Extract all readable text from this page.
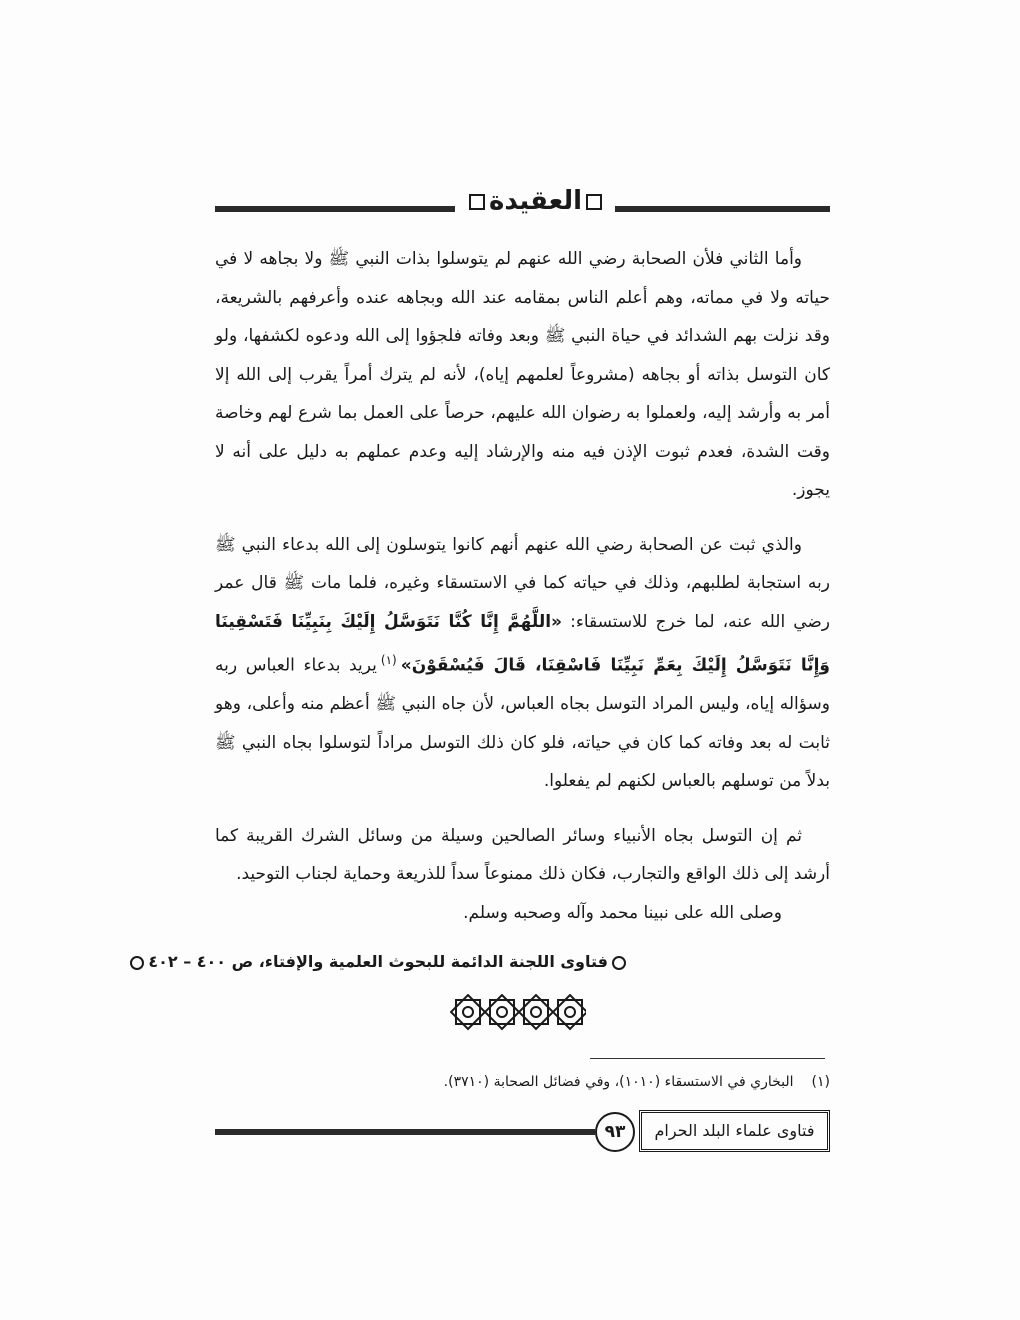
العقيدة

وأما الثاني فلأن الصحابة رضي الله عنهم لم يتوسلوا بذات النبي ﷺ ولا بجاهه لا في حياته ولا في مماته، وهم أعلم الناس بمقامه عند الله وبجاهه عنده وأعرفهم بالشريعة، وقد نزلت بهم الشدائد في حياة النبي ﷺ وبعد وفاته فلجؤوا إلى الله ودعوه لكشفها، ولو كان التوسل بذاته أو بجاهه (مشروعاً لعلمهم إياه)، لأنه لم يترك أمراً يقرب إلى الله إلا أمر به وأرشد إليه، ولعملوا به رضوان الله عليهم، حرصاً على العمل بما شرع لهم وخاصة وقت الشدة، فعدم ثبوت الإذن فيه منه والإرشاد إليه وعدم عملهم به دليل على أنه لا يجوز.

والذي ثبت عن الصحابة رضي الله عنهم أنهم كانوا يتوسلون إلى الله بدعاء النبي ﷺ ربه استجابة لطلبهم، وذلك في حياته كما في الاستسقاء وغيره، فلما مات ﷺ قال عمر رضي الله عنه، لما خرج للاستسقاء: «اللَّهُمَّ إِنَّا كُنَّا نَتَوَسَّلُ إِلَيْكَ بِنَبِيِّنَا فَتَسْقِينَا وَإِنَّا نَتَوَسَّلُ إِلَيْكَ بِعَمِّ نَبِيِّنَا فَاسْقِنَا، قَالَ فَيُسْقَوْنَ»$^{(١)}$يريد بدعاء العباس ربه وسؤاله إياه، وليس المراد التوسل بجاه العباس، لأن جاه النبي ﷺ أعظم منه وأعلى، وهو ثابت له بعد وفاته كما كان في حياته، فلو كان ذلك التوسل مراداً لتوسلوا بجاه النبي ﷺ بدلاً من توسلهم بالعباس لكنهم لم يفعلوا.

ثم إن التوسل بجاه الأنبياء وسائر الصالحين وسيلة من وسائل الشرك القريبة كما أرشد إلى ذلك الواقع والتجارب، فكان ذلك ممنوعاً سداً للذريعة وحماية لجناب التوحيد.

وصلى الله على نبينا محمد وآله وصحبه وسلم.

فتاوى اللجنة الدائمة للبحوث العلمية والإفتاء، ص ٤٠٠ – ٤٠٢
(١)البخاري في الاستسقاء (١٠١٠)، وفي فضائل الصحابة (٣٧١٠).
٩٣	فتاوى علماء البلد الحرام
